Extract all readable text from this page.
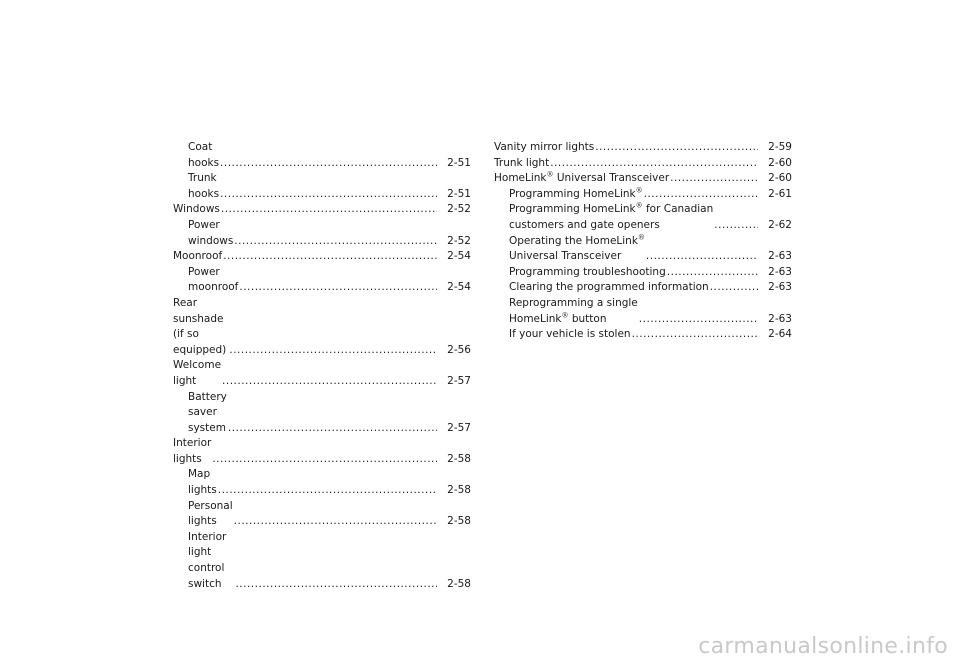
Coat hooks .....	2-51
Trunk hooks .....	2-51
Windows .....	2-52
Power windows .....	2-52
Moonroof .....	2-54
Power moonroof .....	2-54
Rear sunshade (if so equipped) .....	2-56
Welcome light .....	2-57
Battery saver system .....	2-57
Interior lights .....	2-58
Map lights .....	2-58
Personal lights .....	2-58
Interior light control switch .....	2-58
Vanity mirror lights .....	2-59
Trunk light .....	2-60
HomeLink® Universal Transceiver .....	2-60
Programming HomeLink® .....	2-61
Programming HomeLink® for Canadian
customers and gate openers .....	2-62
Operating the HomeLink®
Universal Transceiver .....	2-63
Programming troubleshooting .....	2-63
Clearing the programmed information .....	2-63
Reprogramming a single
HomeLink® button .....	2-63
If your vehicle is stolen .....	2-64
carmanualsonline.info
